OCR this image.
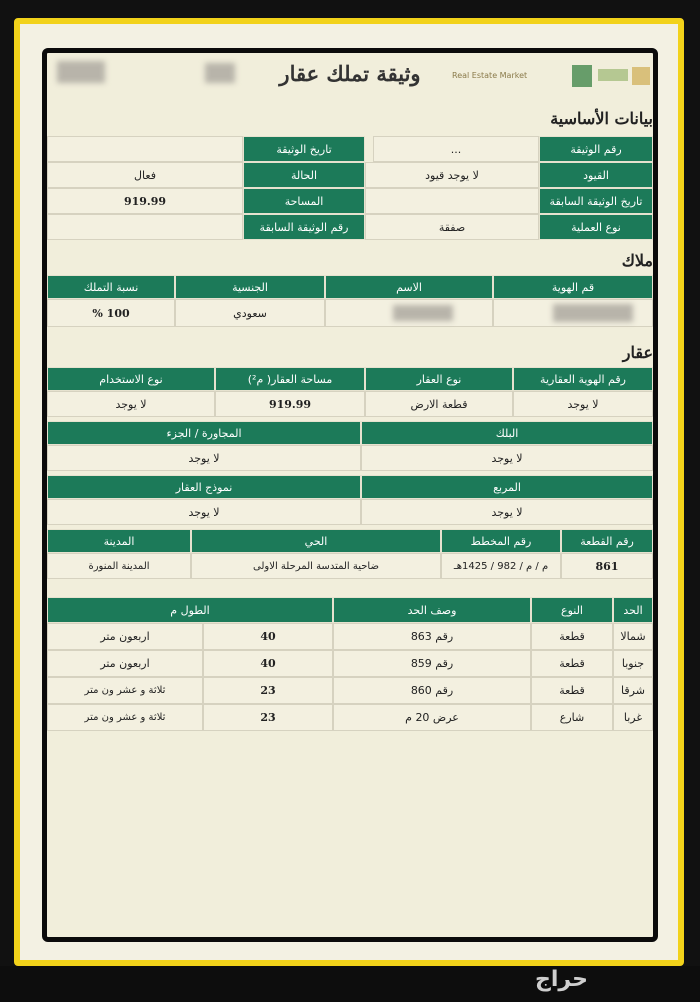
وثيقة تملك عقار	Real Estate Market
بيانات الأساسية
رقم الوثيقة
...
تاريخ الوثيقة
القيود
لا يوجد قيود
الحالة
فعال
تاريخ الوثيقة السابقة
المساحة
919.99
نوع العملية
صفقة
رقم الوثيقة السابقة
ملاك
قم الهوية
الاسم
الجنسية
نسبة التملك
سعودي
100 %
عقار
رقم الهوية العقارية
نوع العقار
مساحة العقار( م²)
نوع الاستخدام
لا يوجد
قطعة الارض
919.99
لا يوجد
البلك
المجاورة / الجزء
لا يوجد
لا يوجد
المربع
نموذج العقار
لا يوجد
لا يوجد
رقم القطعة
رقم المخطط
الحي
المدينة
861
م / م / 982 / 1425هـ
ضاحية المتدسة المرحلة الاولى
المدينة المنورة
الحد
النوع
وصف الحد
الطول م
شمالا
قطعة
رقم 863
40
اربعون متر
جنوبا
قطعة
رقم 859
40
اربعون متر
شرقا
قطعة
رقم 860
23
ثلاثة و عشر ون متر
غربا
شارع
عرض 20 م
23
ثلاثة و عشر ون متر
حراج
